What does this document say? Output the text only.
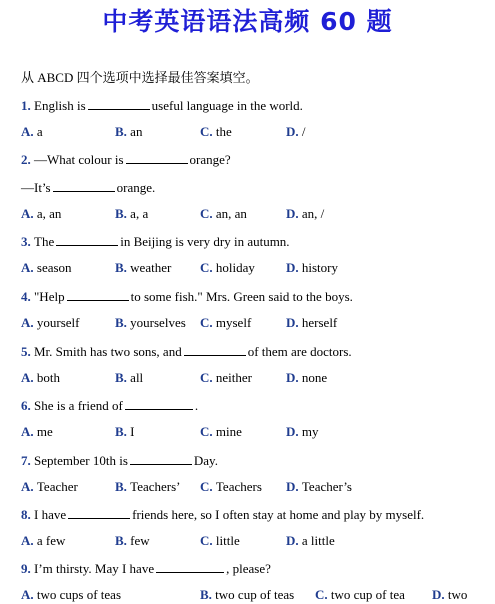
中考英语语法高频 60 题
从 ABCD 四个选项中选择最佳答案填空。
1. English is	useful language in the world.
A. a	B. an	C. the	D. /
2. —What colour is	orange?
—It’s	orange.
A. a, an	B. a, a	C. an, an	D. an, /
3. The	in Beijing is very dry in autumn.
A. season	B. weather C. holiday D. history
4. "Help	to some fish." Mrs. Green said to the boys.
A. yourself	B. yourselves C. myself	D. herself
5. Mr. Smith has two sons, and	of them are doctors.
A. both	B. all	C. neither	D. none
6. She is a friend of	.
A. me	B. I	C. mine	D. my
7. September 10th is	Day.
A. Teacher	B. Teachers’ C. Teachers D. Teacher’s
8. I have	friends here, so I often stay at home and play by myself.
A. a few	B. few	C. little	D. a little
9. I’m thirsty. May I have	, please?
A. two cups of teas	B. two cup of teas C. two cup of tea D. two
